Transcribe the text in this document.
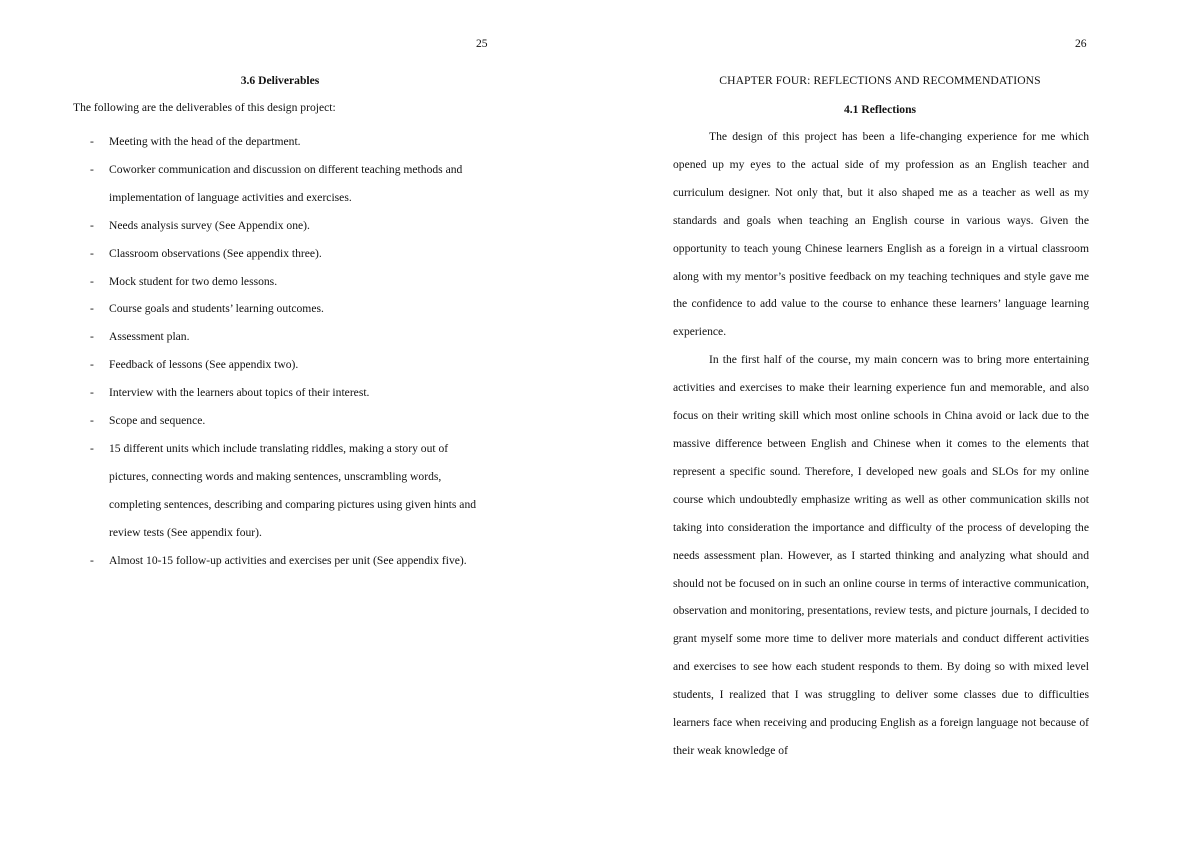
25
3.6 Deliverables
The following are the deliverables of this design project:
- Meeting with the head of the department.
- Coworker communication and discussion on different teaching methods and implementation of language activities and exercises.
- Needs analysis survey (See Appendix one).
- Classroom observations (See appendix three).
- Mock student for two demo lessons.
- Course goals and students’ learning outcomes.
- Assessment plan.
- Feedback of lessons (See appendix two).
- Interview with the learners about topics of their interest.
- Scope and sequence.
- 15 different units which include translating riddles, making a story out of pictures, connecting words and making sentences, unscrambling words, completing sentences, describing and comparing pictures using given hints and review tests (See appendix four).
- Almost 10-15 follow-up activities and exercises per unit (See appendix five).
26
CHAPTER FOUR: REFLECTIONS AND RECOMMENDATIONS
4.1 Reflections

The design of this project has been a life-changing experience for me which opened up my eyes to the actual side of my profession as an English teacher and curriculum designer. Not only that, but it also shaped me as a teacher as well as my standards and goals when teaching an English course in various ways. Given the opportunity to teach young Chinese learners English as a foreign in a virtual classroom along with my mentor’s positive feedback on my teaching techniques and style gave me the confidence to add value to the course to enhance these learners’ language learning experience.

In the first half of the course, my main concern was to bring more entertaining activities and exercises to make their learning experience fun and memorable, and also focus on their writing skill which most online schools in China avoid or lack due to the massive difference between English and Chinese when it comes to the elements that represent a specific sound. Therefore, I developed new goals and SLOs for my online course which undoubtedly emphasize writing as well as other communication skills not taking into consideration the importance and difficulty of the process of developing the needs assessment plan. However, as I started thinking and analyzing what should and should not be focused on in such an online course in terms of interactive communication, observation and monitoring, presentations, review tests, and picture journals, I decided to grant myself some more time to deliver more materials and conduct different activities and exercises to see how each student responds to them. By doing so with mixed level students, I realized that I was struggling to deliver some classes due to difficulties learners face when receiving and producing English as a foreign language not because of their weak knowledge of
